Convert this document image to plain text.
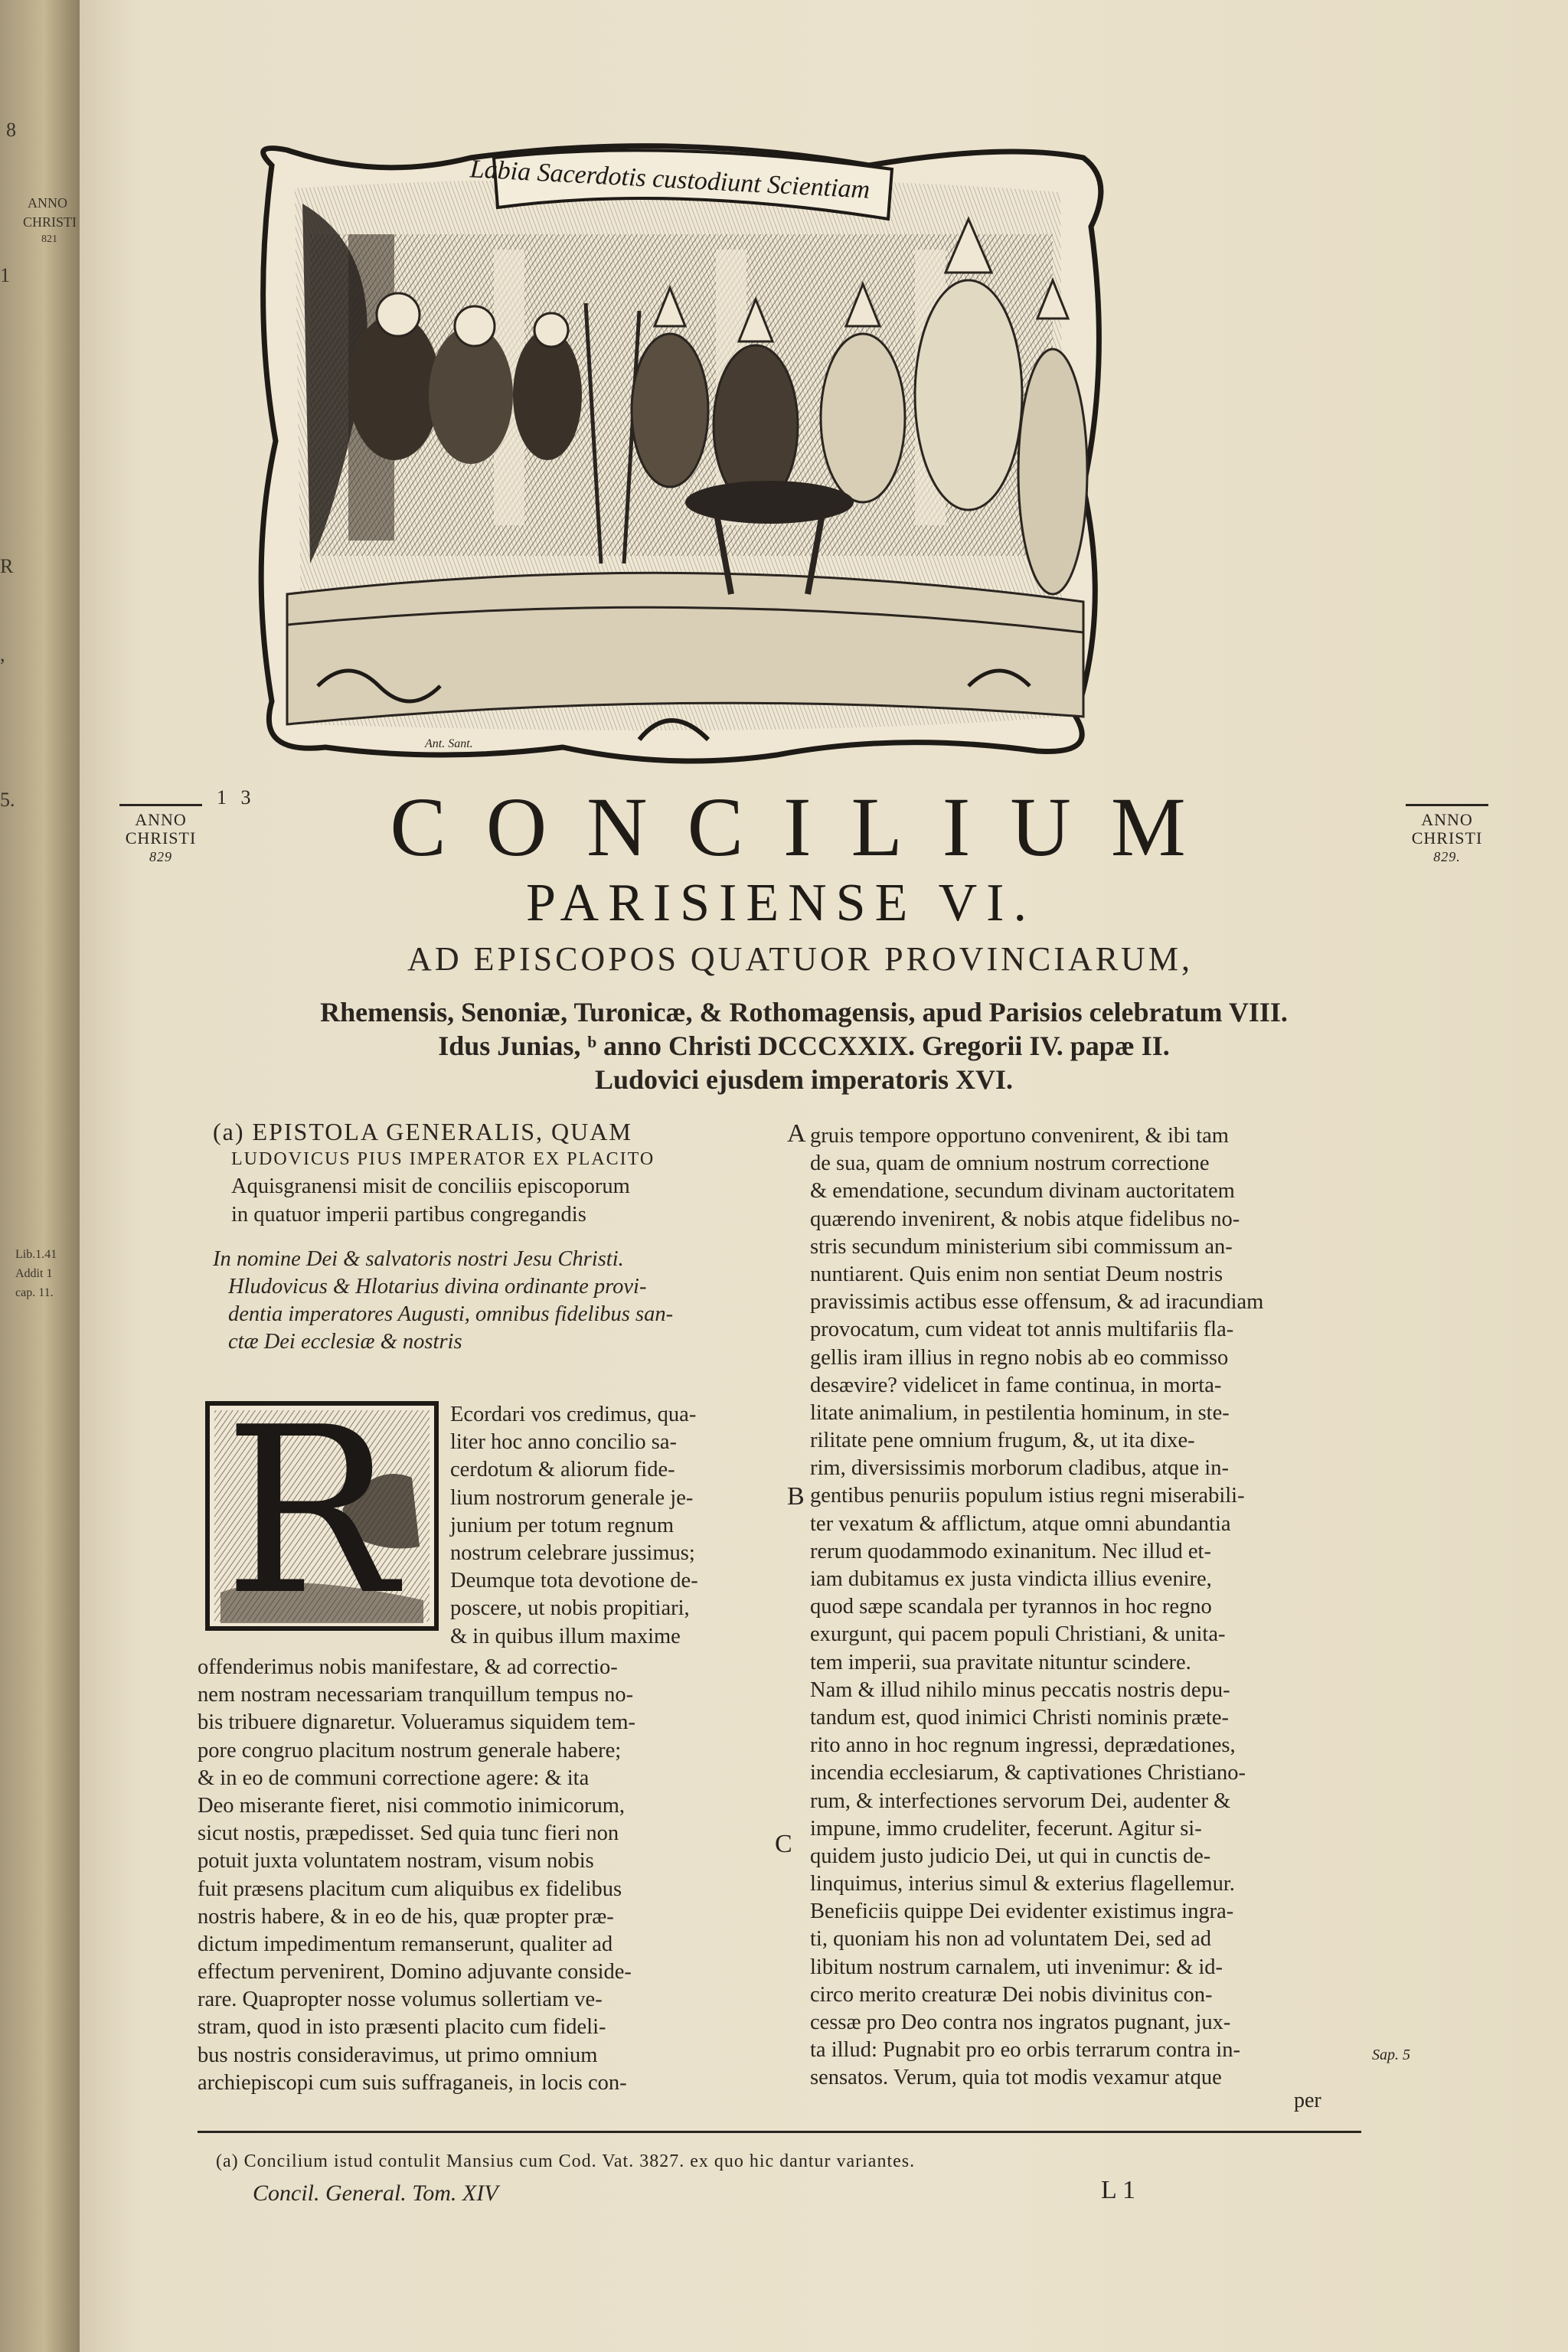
8
ANNO
CHRISTI
821
1
R
,
5.
Lib.1.41
Addit 1
cap. 11.
Ant. Sant.
Labia Sacerdotis custodiunt Scientiam
ANNO
CHRISTI
829
1 3
ANNO
CHRISTI
829.
CONCILIUM
PARISIENSE VI.
AD EPISCOPOS QUATUOR PROVINCIARUM,
Rhemensis, Senoniæ, Turonicæ, & Rothomagensis, apud Parisios celebratum VIII.
Idus Junias, ᵇ anno Christi DCCCXXIX. Gregorii IV. papæ II.
Ludovici ejusdem imperatoris XVI.
(a) EPISTOLA GENERALIS, QUAM
LUDOVICUS PIUS IMPERATOR EX PLACITO
Aquisgranensi misit de conciliis episcoporum
in quatuor imperii partibus congregandis
In nomine Dei & salvatoris nostri Jesu Christi.
Hludovicus & Hlotarius divina ordinante provi-
dentia imperatores Augusti, omnibus fidelibus san-
ctæ Dei ecclesiæ & nostris
R Ecordari vos credimus, qua-
liter hoc anno concilio sa-
cerdotum & aliorum fide-
lium nostrorum generale je-
junium per totum regnum
nostrum celebrare jussimus;
Deumque tota devotione de-
poscere, ut nobis propitiari,
& in quibus illum maxime
offenderimus nobis manifestare, & ad correctio-
nem nostram necessariam tranquillum tempus no-
bis tribuere dignaretur. Volueramus siquidem tem-
pore congruo placitum nostrum generale habere;
& in eo de communi correctione agere: & ita
Deo miserante fieret, nisi commotio inimicorum,
sicut nostis, præpedisset. Sed quia tunc fieri non
potuit juxta voluntatem nostram, visum nobis
fuit præsens placitum cum aliquibus ex fidelibus
nostris habere, & in eo de his, quæ propter præ-
dictum impedimentum remanserunt, qualiter ad
effectum pervenirent, Domino adjuvante conside-
rare. Quapropter nosse volumus sollertiam ve-
stram, quod in isto præsenti placito cum fideli-
bus nostris consideravimus, ut primo omnium
archiepiscopi cum suis suffraganeis, in locis con-
A
B
C
gruis tempore opportuno convenirent, & ibi tam
de sua, quam de omnium nostrum correctione
& emendatione, secundum divinam auctoritatem
quærendo invenirent, & nobis atque fidelibus no-
stris secundum ministerium sibi commissum an-
nuntiarent. Quis enim non sentiat Deum nostris
pravissimis actibus esse offensum, & ad iracundiam
provocatum, cum videat tot annis multifariis fla-
gellis iram illius in regno nobis ab eo commisso
desævire? videlicet in fame continua, in morta-
litate animalium, in pestilentia hominum, in ste-
rilitate pene omnium frugum, &, ut ita dixe-
rim, diversissimis morborum cladibus, atque in-
gentibus penuriis populum istius regni miserabili-
ter vexatum & afflictum, atque omni abundantia
rerum quodammodo exinanitum. Nec illud et-
iam dubitamus ex justa vindicta illius evenire,
quod sæpe scandala per tyrannos in hoc regno
exurgunt, qui pacem populi Christiani, & unita-
tem imperii, sua pravitate nituntur scindere.
Nam & illud nihilo minus peccatis nostris depu-
tandum est, quod inimici Christi nominis præte-
rito anno in hoc regnum ingressi, deprædationes,
incendia ecclesiarum, & captivationes Christiano-
rum, & interfectiones servorum Dei, audenter &
impune, immo crudeliter, fecerunt. Agitur si-
quidem justo judicio Dei, ut qui in cunctis de-
linquimus, interius simul & exterius flagellemur.
Beneficiis quippe Dei evidenter existimus ingra-
ti, quoniam his non ad voluntatem Dei, sed ad
libitum nostrum carnalem, uti invenimur: & id-
circo merito creaturæ Dei nobis divinitus con-
cessæ pro Deo contra nos ingratos pugnant, jux-
ta illud: Pugnabit pro eo orbis terrarum contra in-
sensatos. Verum, quia tot modis vexamur atque
Sap. 5
per
(a) Concilium istud contulit Mansius cum Cod. Vat. 3827. ex quo hic dantur variantes.
Concil. General. Tom. XIV	L 1
